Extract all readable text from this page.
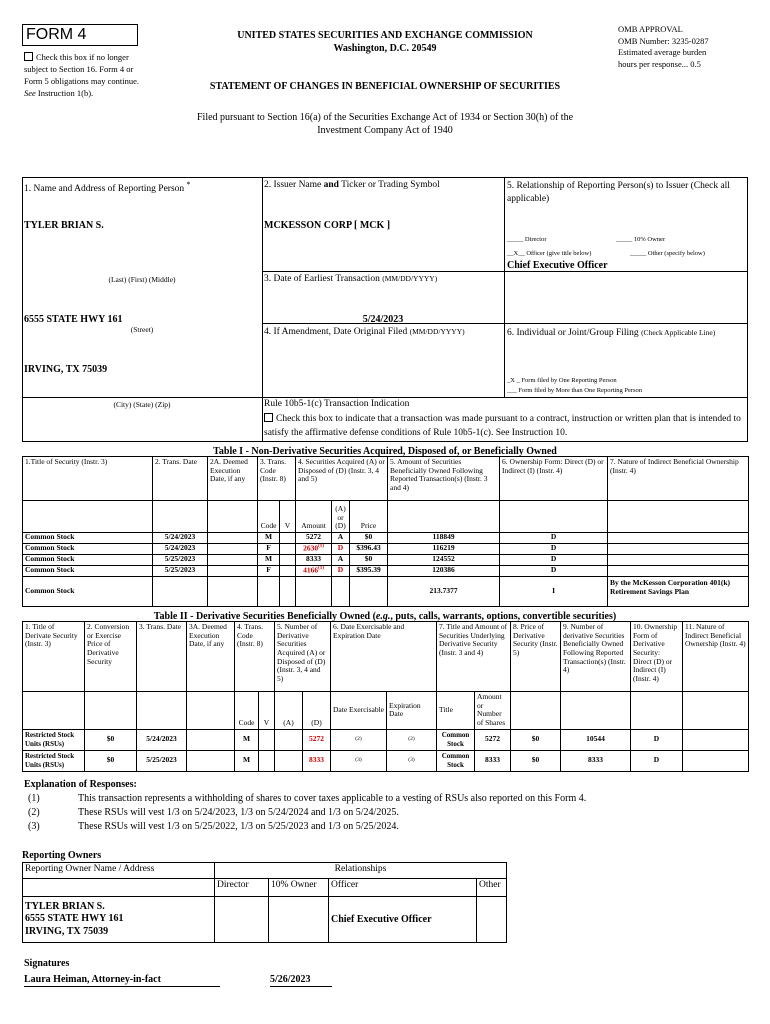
FORM 4
Check this box if no longer subject to Section 16. Form 4 or Form 5 obligations may continue. See Instruction 1(b).
UNITED STATES SECURITIES AND EXCHANGE COMMISSION
Washington, D.C. 20549
STATEMENT OF CHANGES IN BENEFICIAL OWNERSHIP OF SECURITIES
OMB APPROVAL
OMB Number: 3235-0287
Estimated average burden
hours per response... 0.5
Filed pursuant to Section 16(a) of the Securities Exchange Act of 1934 or Section 30(h) of the
Investment Company Act of 1940
1. Name and Address of Reporting Person *
TYLER BRIAN S.
(Last) (First) (Middle)
6555 STATE HWY 161
(Street)
IRVING, TX 75039
(City) (State) (Zip)
2. Issuer Name and Ticker or Trading Symbol
MCKESSON CORP [ MCK ]
3. Date of Earliest Transaction (MM/DD/YYYY)
5/24/2023
4. If Amendment, Date Original Filed (MM/DD/YYYY)
5. Relationship of Reporting Person(s) to Issuer (Check all applicable)
_____ Director	_____ 10% Owner
__X__ Officer (give title below)	_____ Other (specify below)
Chief Executive Officer
6. Individual or Joint/Group Filing (Check Applicable Line)
_X _ Form filed by One Reporting Person
___ Form filed by More than One Reporting Person
Rule 10b5-1(c) Transaction Indication
Check this box to indicate that a transaction was made pursuant to a contract, instruction or written plan that is intended to satisfy the affirmative defense conditions of Rule 10b5-1(c). See Instruction 10.
Table I - Non-Derivative Securities Acquired, Disposed of, or Beneficially Owned
1.Title of Security (Instr. 3)	2. Trans. Date	2A. Deemed Execution Date, if any	3. Trans. Code (Instr. 8)		4. Securities Acquired (A) or Disposed of (D) (Instr. 3, 4 and 5)			5. Amount of Securities Beneficially Owned Following Reported Transaction(s) (Instr. 3 and 4)	6. Ownership Form: Direct (D) or Indirect (I) (Instr. 4)	7. Nature of Indirect Beneficial Ownership (Instr. 4)
			Code	V	Amount	(A) or (D)	Price			
Common Stock	5/24/2023		M		5272	A	$0	118849	D	
Common Stock	5/24/2023		F		2630$^{(1)}$	D	$396.43	116219	D	
Common Stock	5/25/2023		M		8333	A	$0	124552	D	
Common Stock	5/25/2023		F		4166$^{(1)}$	D	$395.39	120386	D	
Common Stock								213.7377	I	By the McKesson Corporation 401(k) Retirement Savings Plan
Table II - Derivative Securities Beneficially Owned (e.g., puts, calls, warrants, options, convertible securities)
1. Title of Derivate Security (Instr. 3)	2. Conversion or Exercise Price of Derivative Security	3. Trans. Date	3A. Deemed Execution Date, if any	4. Trans. Code (Instr. 8)		5. Number of Derivative Securities Acquired (A) or Disposed of (D) (Instr. 3, 4 and 5)		6. Date Exercisable and Expiration Date		7. Title and Amount of Securities Underlying Derivative Security (Instr. 3 and 4)		8. Price of Derivative Security (Instr. 5)	9. Number of derivative Securities Beneficially Owned Following Reported Transaction(s) (Instr. 4)	10. Ownership Form of Derivative Security: Direct (D) or Indirect (I) (Instr. 4)	11. Nature of Indirect Beneficial Ownership (Instr. 4)
				Code	V	(A)	(D)	Date Exercisable	Expiration Date	Title	Amount or Number of Shares				
Restricted Stock Units (RSUs)	$0	5/24/2023		M			5272	(2)	(2)	Common Stock	5272	$0	10544	D	
Restricted Stock Units (RSUs)	$0	5/25/2023		M			8333	(3)	(3)	Common Stock	8333	$0	8333	D	
Explanation of Responses:
(1)	This transaction represents a withholding of shares to cover taxes applicable to a vesting of RSUs also reported on this Form 4.
(2)	These RSUs will vest 1/3 on 5/24/2023, 1/3 on 5/24/2024 and 1/3 on 5/24/2025.
(3)	These RSUs will vest 1/3 on 5/25/2022, 1/3 on 5/25/2023 and 1/3 on 5/25/2024.
Reporting Owners
Reporting Owner Name / Address	Relationships			
	Director	10% Owner	Officer	Other

TYLER BRIAN S.
6555 STATE HWY 161
IRVING, TX 75039			Chief Executive Officer	
Signatures
Laura Heiman, Attorney-in-fact	5/26/2023
